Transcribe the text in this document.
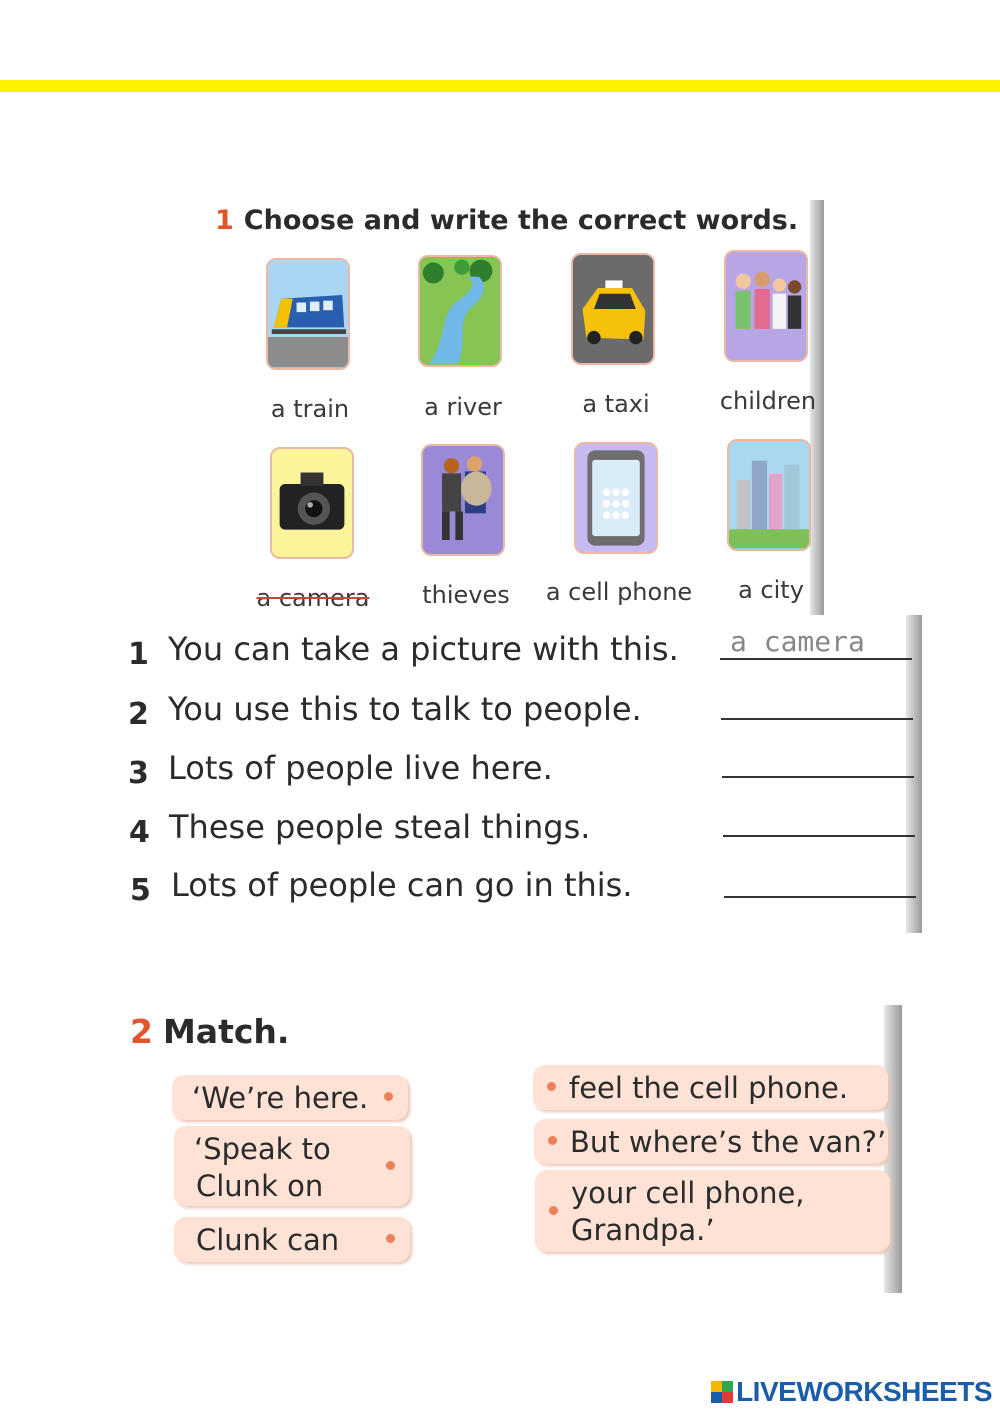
1 Choose and write the correct words.
a train	a river	a taxi	children
a camera	thieves	a cell phone	a city
1 You can take a picture with this.
a camera
2 You use this to talk to people.
3 Lots of people live here.
4 These people steal things.
5 Lots of people can go in this.
2 Match.
‘We’re here.
‘Speak to
Clunk on
Clunk can
feel the cell phone.
But where’s the van?’
your cell phone,
Grandpa.’
LIVEWORKSHEETS
